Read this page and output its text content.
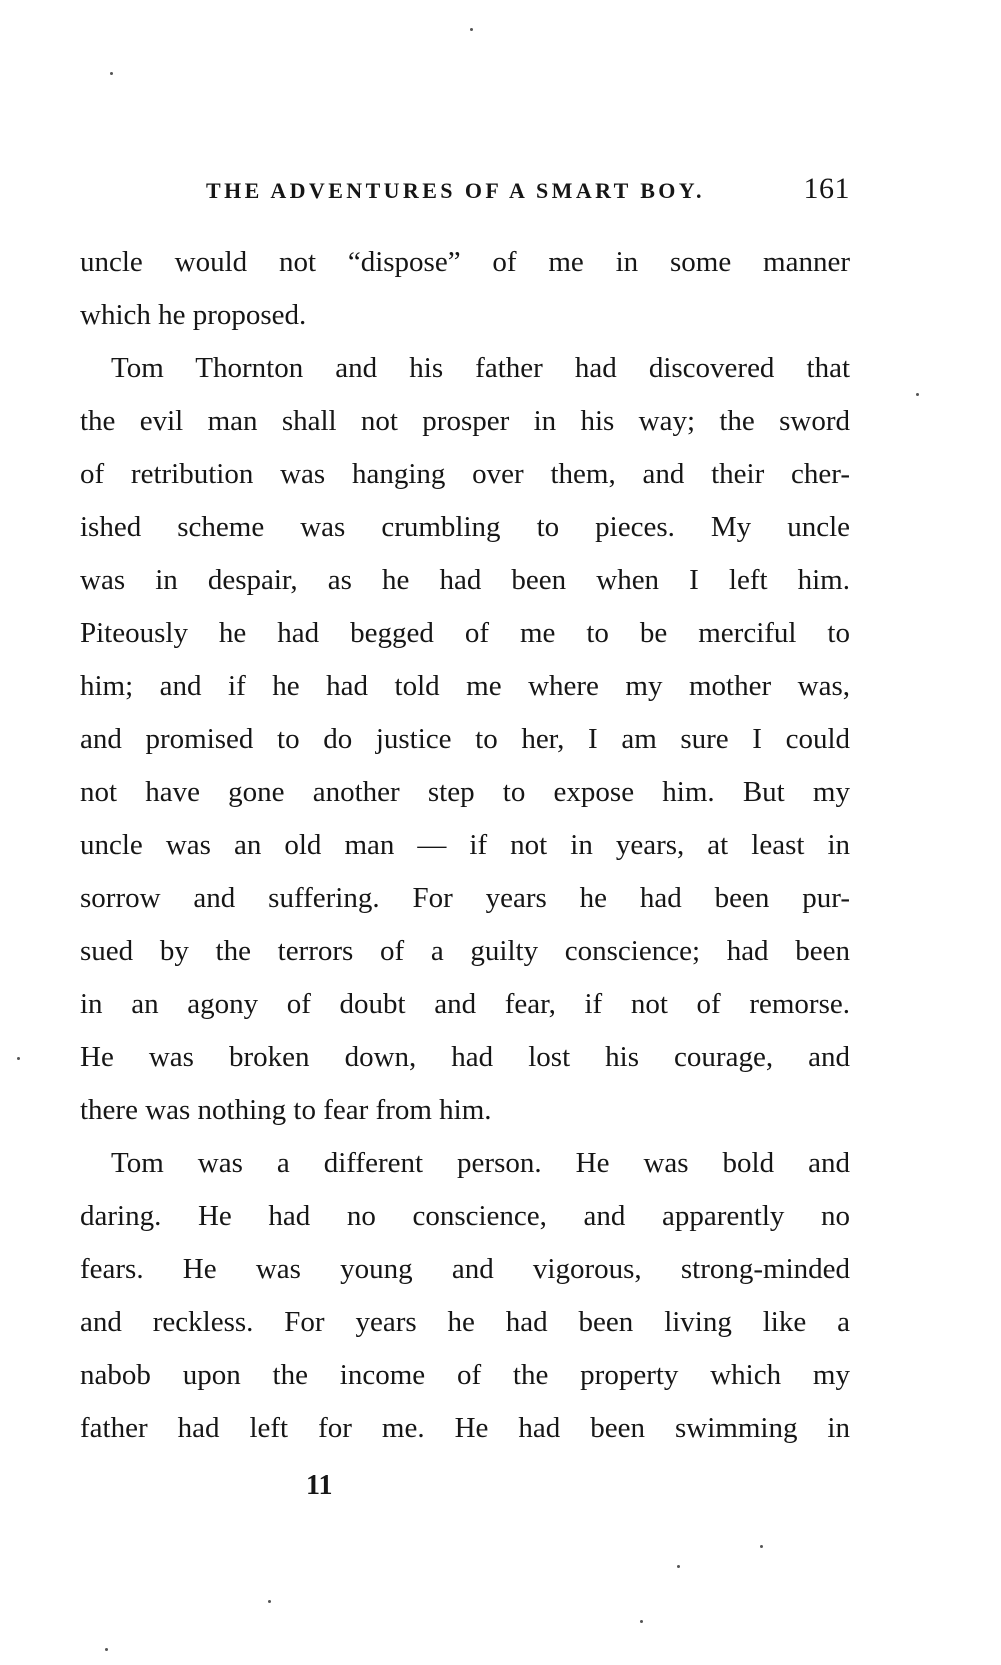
THE ADVENTURES OF A SMART BOY.	161
uncle would not “dispose” of me in some manner
which he proposed.
Tom Thornton and his father had discovered that
the evil man shall not prosper in his way; the sword
of retribution was hanging over them, and their cher-
ished scheme was crumbling to pieces. My uncle
was in despair, as he had been when I left him.
Piteously he had begged of me to be merciful to
him; and if he had told me where my mother was,
and promised to do justice to her, I am sure I could
not have gone another step to expose him. But my
uncle was an old man — if not in years, at least in
sorrow and suffering. For years he had been pur-
sued by the terrors of a guilty conscience; had been
in an agony of doubt and fear, if not of remorse.
He was broken down, had lost his courage, and
there was nothing to fear from him.
Tom was a different person. He was bold and
daring. He had no conscience, and apparently no
fears. He was young and vigorous, strong-minded
and reckless. For years he had been living like a
nabob upon the income of the property which my
father had left for me. He had been swimming in
11
